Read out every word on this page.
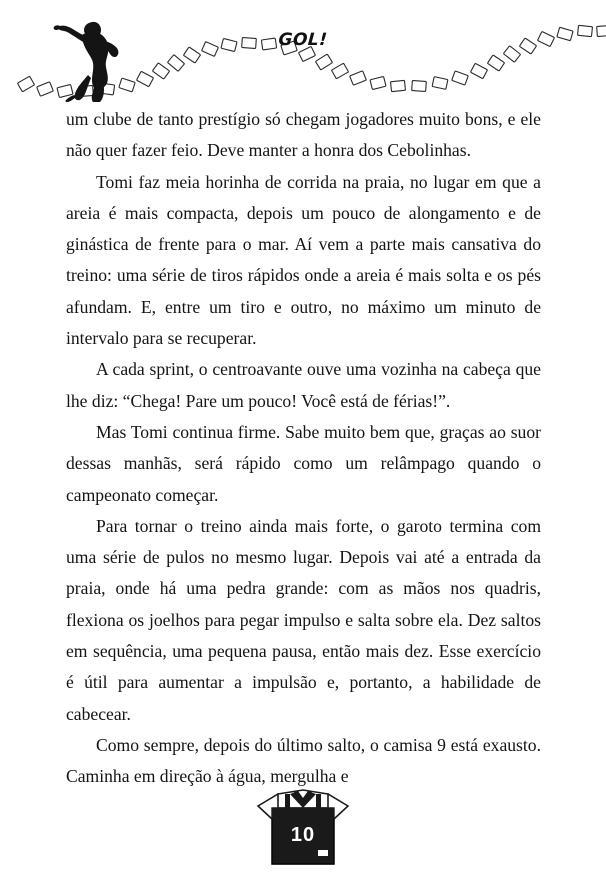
GOL!

um clube de tanto prestígio só chegam jogadores muito bons, e ele não quer fazer feio. Deve manter a honra dos Cebolinhas.

Tomi faz meia horinha de corrida na praia, no lugar em que a areia é mais compacta, depois um pouco de alongamento e de ginástica de frente para o mar. Aí vem a parte mais cansativa do treino: uma série de tiros rápidos onde a areia é mais solta e os pés afundam. E, entre um tiro e outro, no máximo um minuto de intervalo para se recuperar.

A cada sprint, o centroavante ouve uma vozinha na cabeça que lhe diz: “Chega! Pare um pouco! Você está de férias!”.

Mas Tomi continua firme. Sabe muito bem que, graças ao suor dessas manhãs, será rápido como um relâmpago quando o campeonato começar.

Para tornar o treino ainda mais forte, o garoto termina com uma série de pulos no mesmo lugar. Depois vai até a entrada da praia, onde há uma pedra grande: com as mãos nos quadris, flexiona os joelhos para pegar impulso e salta sobre ela. Dez saltos em sequência, uma pequena pausa, então mais dez. Esse exercício é útil para aumentar a impulsão e, portanto, a habilidade de cabecear.

Como sempre, depois do último salto, o camisa 9 está exausto. Caminha em direção à água, mergulha e

10
